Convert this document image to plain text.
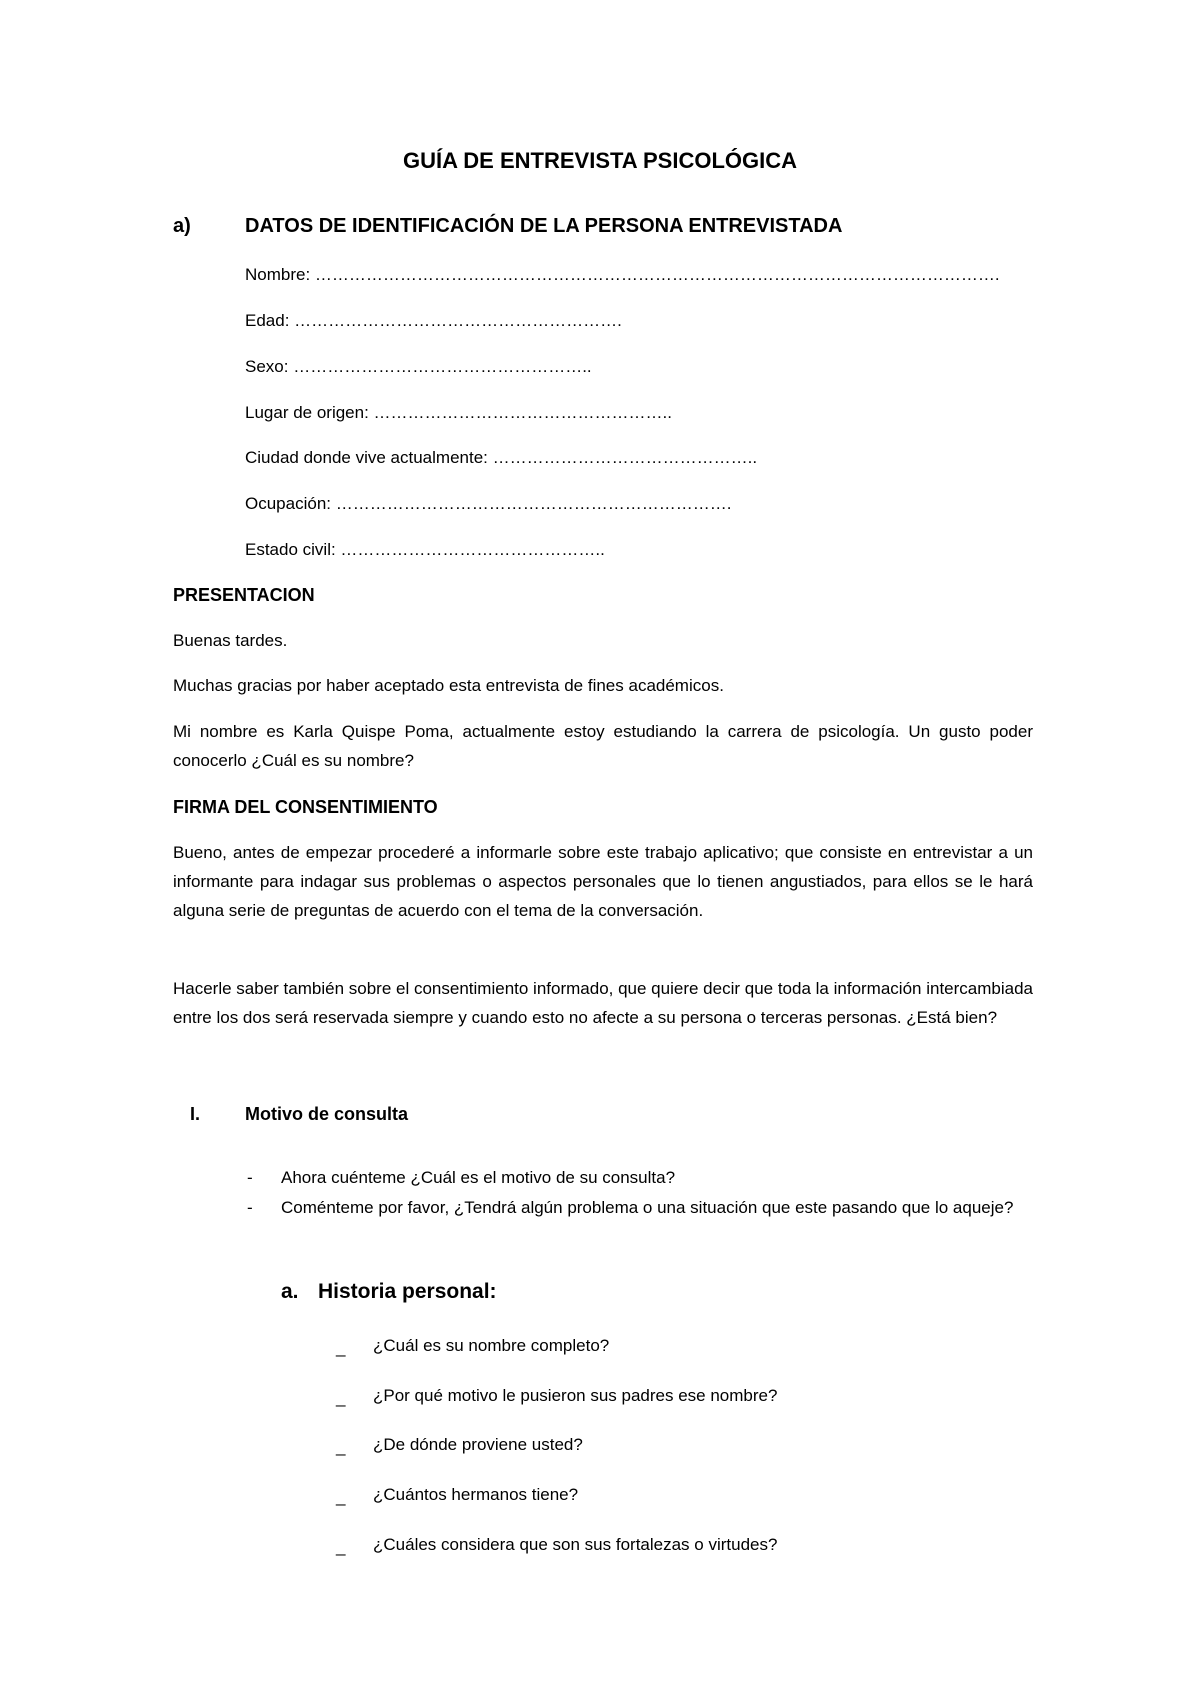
GUÍA DE ENTREVISTA PSICOLÓGICA
a)	DATOS DE IDENTIFICACIÓN DE LA PERSONA ENTREVISTADA
Nombre: ………………………………………………………………………………………………………….
Edad: ………………………………………………….
Sexo: ……………………………………………..
Lugar de origen: ……………………………………………..
Ciudad donde vive actualmente: ………………………………………..
Ocupación: …………………………………………………………….
Estado civil: ………………………………………..
PRESENTACION
Buenas tardes.
Muchas gracias por haber aceptado esta entrevista de fines académicos.
Mi nombre es Karla Quispe Poma, actualmente estoy estudiando la carrera de psicología. Un gusto poder conocerlo ¿Cuál es su nombre?
FIRMA DEL CONSENTIMIENTO
Bueno, antes de empezar procederé a informarle sobre este trabajo aplicativo; que consiste en entrevistar a un informante para indagar sus problemas o aspectos personales que lo tienen angustiados, para ellos se le hará alguna serie de preguntas de acuerdo con el tema de la conversación.
Hacerle saber también sobre el consentimiento informado, que quiere decir que toda la información intercambiada entre los dos será reservada siempre y cuando esto no afecte a su persona o terceras personas. ¿Está bien?
I. Motivo de consulta
- Ahora cuénteme ¿Cuál es el motivo de su consulta?
- Coménteme por favor, ¿Tendrá algún problema o una situación que este pasando que lo aqueje?
a. Historia personal:
_ ¿Cuál es su nombre completo?
_ ¿Por qué motivo le pusieron sus padres ese nombre?
_ ¿De dónde proviene usted?
_ ¿Cuántos hermanos tiene?
_ ¿Cuáles considera que son sus fortalezas o virtudes?
